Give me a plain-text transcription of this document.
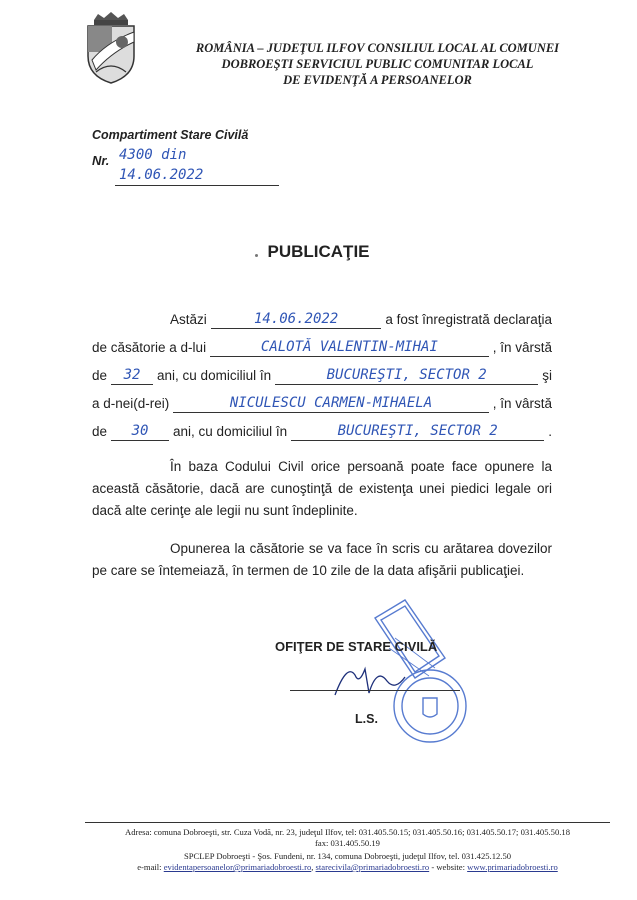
ROMÂNIA – JUDEŢUL ILFOV CONSILIUL LOCAL AL COMUNEI
DOBROEŞTI SERVICIUL PUBLIC COMUNITAR LOCAL
DE EVIDENŢĂ A PERSOANELOR
Compartiment Stare Civilă
Nr. 4300 din 14.06.2022
PUBLICAŢIE
Astăzi	14.06.2022	a fost înregistrată declaraţia
de căsătorie a d-lui	CALOTĂ VALENTIN-MIHAI	, în vârstă
de	32	ani, cu domiciliul în	BUCUREŞTI, SECTOR 2	şi
a d-nei(d-rei)	NICULESCU CARMEN-MIHAELA	, în vârstă
de	30	ani, cu domiciliul în	BUCUREŞTI, SECTOR 2	.
În baza Codului Civil orice persoană poate face opunere la această căsătorie, dacă are cunoştinţă de existenţa unei piedici legale ori dacă alte cerinţe ale legii nu sunt îndeplinite.
Opunerea la căsătorie se va face în scris cu arătarea dovezilor pe care se întemeiază, în termen de 10 zile de la data afişării publicaţiei.
OFIŢER DE STARE CIVILĂ
L.S.
Adresa: comuna Dobroeşti, str. Cuza Vodă, nr. 23, judeţul Ilfov, tel: 031.405.50.15; 031.405.50.16; 031.405.50.17; 031.405.50.18
fax: 031.405.50.19
SPCLEP Dobroeşti - Şos. Fundeni, nr. 134, comuna Dobroeşti, judeţul Ilfov, tel. 031.425.12.50
e-mail: evidentapersoanelor@primariadobroesti.ro, starecivila@primariadobroesti.ro - website: www.primariadobroesti.ro
